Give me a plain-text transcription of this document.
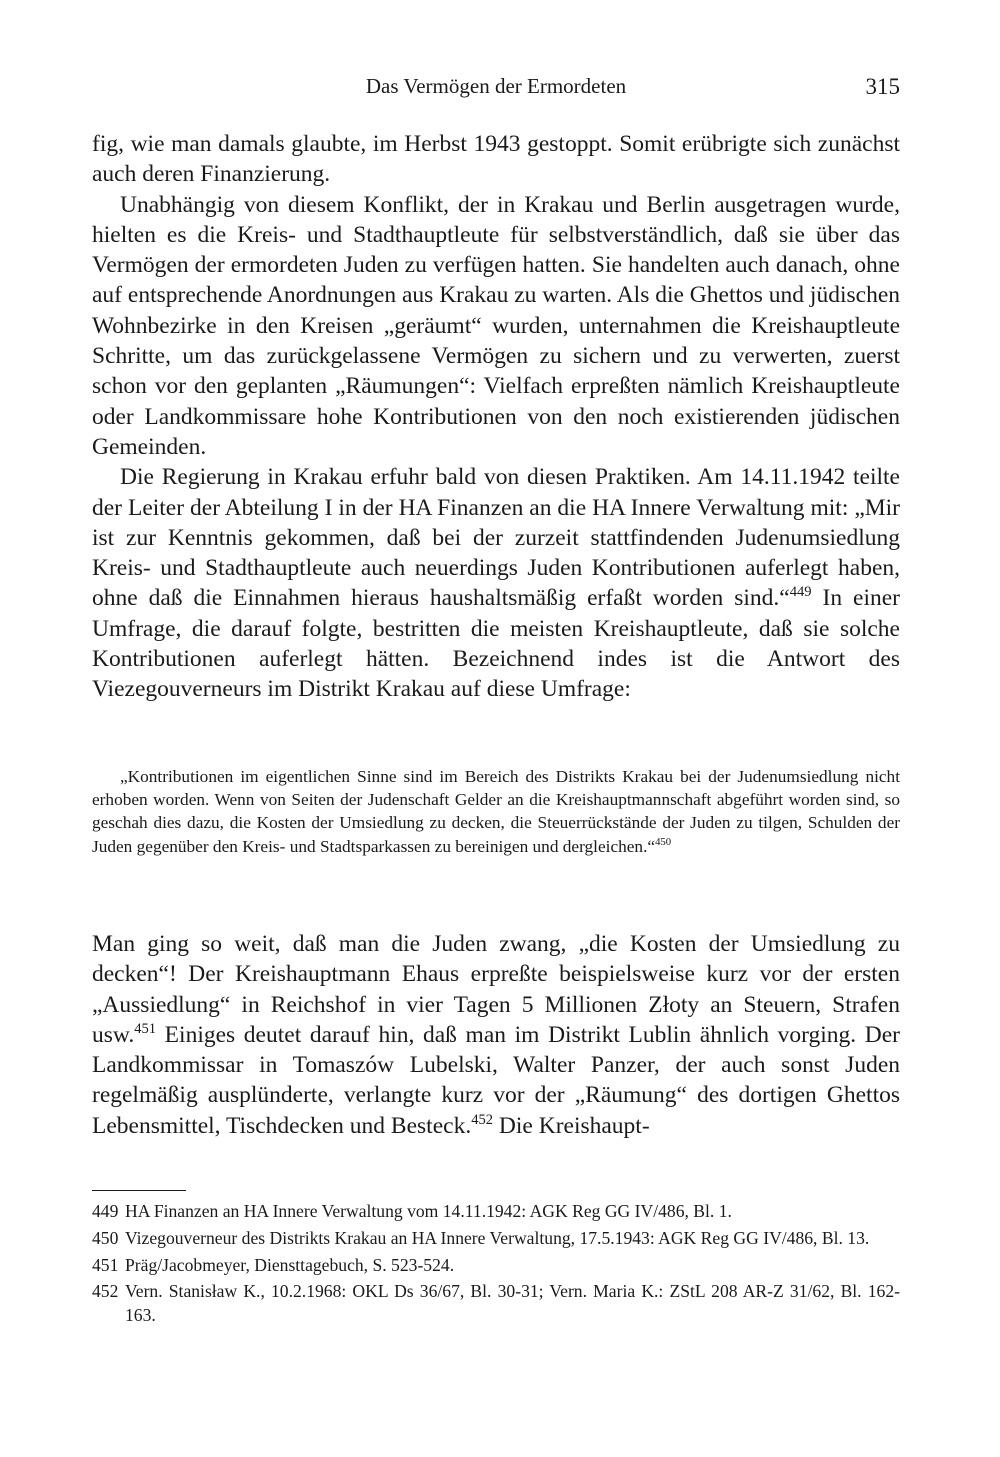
Das Vermögen der Ermordeten	315

fig, wie man damals glaubte, im Herbst 1943 gestoppt. Somit erübrigte sich zunächst auch deren Finanzierung.

Unabhängig von diesem Konflikt, der in Krakau und Berlin ausgetragen wurde, hielten es die Kreis- und Stadthauptleute für selbstverständlich, daß sie über das Vermögen der ermordeten Juden zu verfügen hatten. Sie handelten auch danach, ohne auf entsprechende Anordnungen aus Krakau zu warten. Als die Ghettos und jüdischen Wohnbezirke in den Kreisen „geräumt“ wurden, unternahmen die Kreishauptleute Schritte, um das zurückgelassene Vermögen zu sichern und zu verwerten, zuerst schon vor den geplanten „Räumungen“: Vielfach erpreßten nämlich Kreishauptleute oder Landkommissare hohe Kontributionen von den noch existierenden jüdischen Gemeinden.

Die Regierung in Krakau erfuhr bald von diesen Praktiken. Am 14.11.1942 teilte der Leiter der Abteilung I in der HA Finanzen an die HA Innere Verwaltung mit: „Mir ist zur Kenntnis gekommen, daß bei der zurzeit stattfindenden Judenumsiedlung Kreis- und Stadthauptleute auch neuerdings Juden Kontributionen auferlegt haben, ohne daß die Einnahmen hieraus haushaltsmäßig erfaßt worden sind.“$^{449}$ In einer Umfrage, die darauf folgte, bestritten die meisten Kreishauptleute, daß sie solche Kontributionen auferlegt hätten. Bezeichnend indes ist die Antwort des Viezegouverneurs im Distrikt Krakau auf diese Umfrage:

„Kontributionen im eigentlichen Sinne sind im Bereich des Distrikts Krakau bei der Judenumsiedlung nicht erhoben worden. Wenn von Seiten der Judenschaft Gelder an die Kreishauptmannschaft abgeführt worden sind, so geschah dies dazu, die Kosten der Umsiedlung zu decken, die Steuerrückstände der Juden zu tilgen, Schulden der Juden gegenüber den Kreis- und Stadtsparkassen zu bereinigen und dergleichen.“$^{450}$

Man ging so weit, daß man die Juden zwang, „die Kosten der Umsiedlung zu decken“! Der Kreishauptmann Ehaus erpreßte beispielsweise kurz vor der ersten „Aussiedlung“ in Reichshof in vier Tagen 5 Millionen Złoty an Steuern, Strafen usw.$^{451}$ Einiges deutet darauf hin, daß man im Distrikt Lublin ähnlich vorging. Der Landkommissar in Tomaszów Lubelski, Walter Panzer, der auch sonst Juden regelmäßig ausplünderte, verlangte kurz vor der „Räumung“ des dortigen Ghettos Lebensmittel, Tischdecken und Besteck.$^{452}$ Die Kreishaupt-

449 HA Finanzen an HA Innere Verwaltung vom 14.11.1942: AGK Reg GG IV/486, Bl. 1.
450 Vizegouverneur des Distrikts Krakau an HA Innere Verwaltung, 17.5.1943: AGK Reg GG IV/486, Bl. 13.
451 Präg/Jacobmeyer, Diensttagebuch, S. 523-524.
452 Vern. Stanisław K., 10.2.1968: OKL Ds 36/67, Bl. 30-31; Vern. Maria K.: ZStL 208 AR-Z 31/62, Bl. 162-163.
